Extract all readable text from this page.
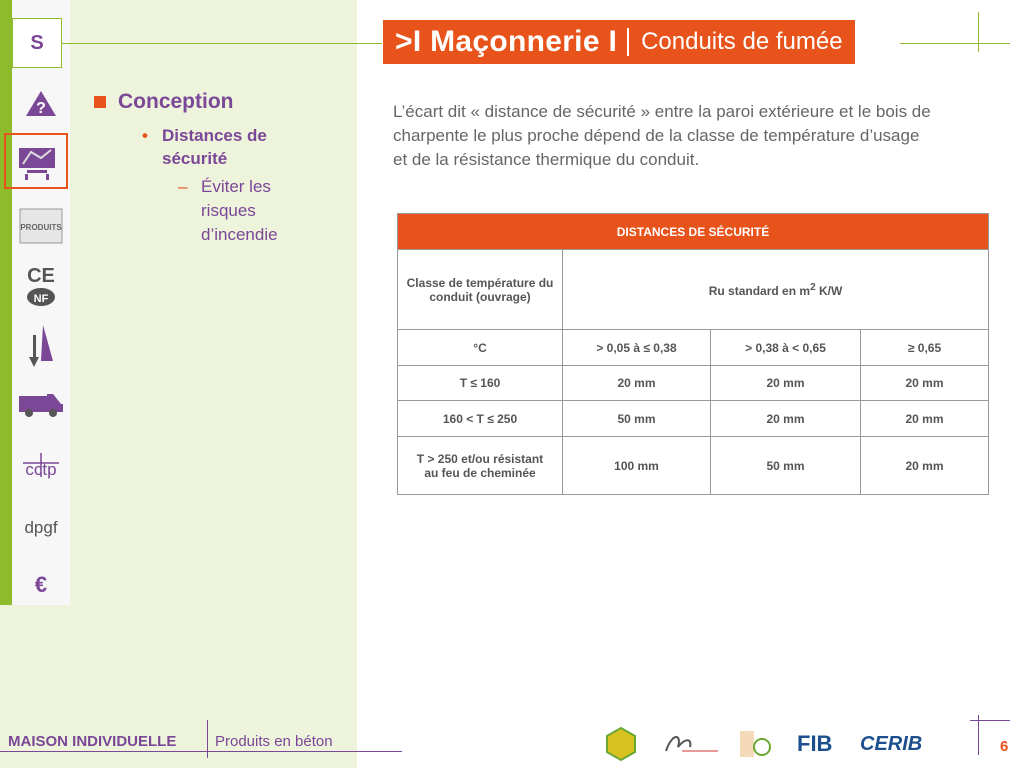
S
?
PRODUITS
CE
NF
cctp
dpgf
€
>I Maçonnerie I	Conduits de fumée
Conception
• Distances de sécurité
– Éviter les risques d’incendie
L’écart dit « distance de sécurité » entre la paroi extérieure et le bois de charpente le plus proche dépend de la classe de température d’usage et de la résistance thermique du conduit.
DISTANCES DE SÉCURITÉ			
Classe de température du conduit (ouvrage)	Ru standard en $m^2$ K/W		
°C	> 0,05 à ≤ 0,38	> 0,38 à < 0,65	≥ 0,65
T ≤ 160	20 mm	20 mm	20 mm
160 < T ≤ 250	50 mm	20 mm	20 mm
T > 250 et/ou résistant au feu de cheminée	100 mm	50 mm	20 mm
MAISON INDIVIDUELLE	Produits en béton	FIB CERIB	6
